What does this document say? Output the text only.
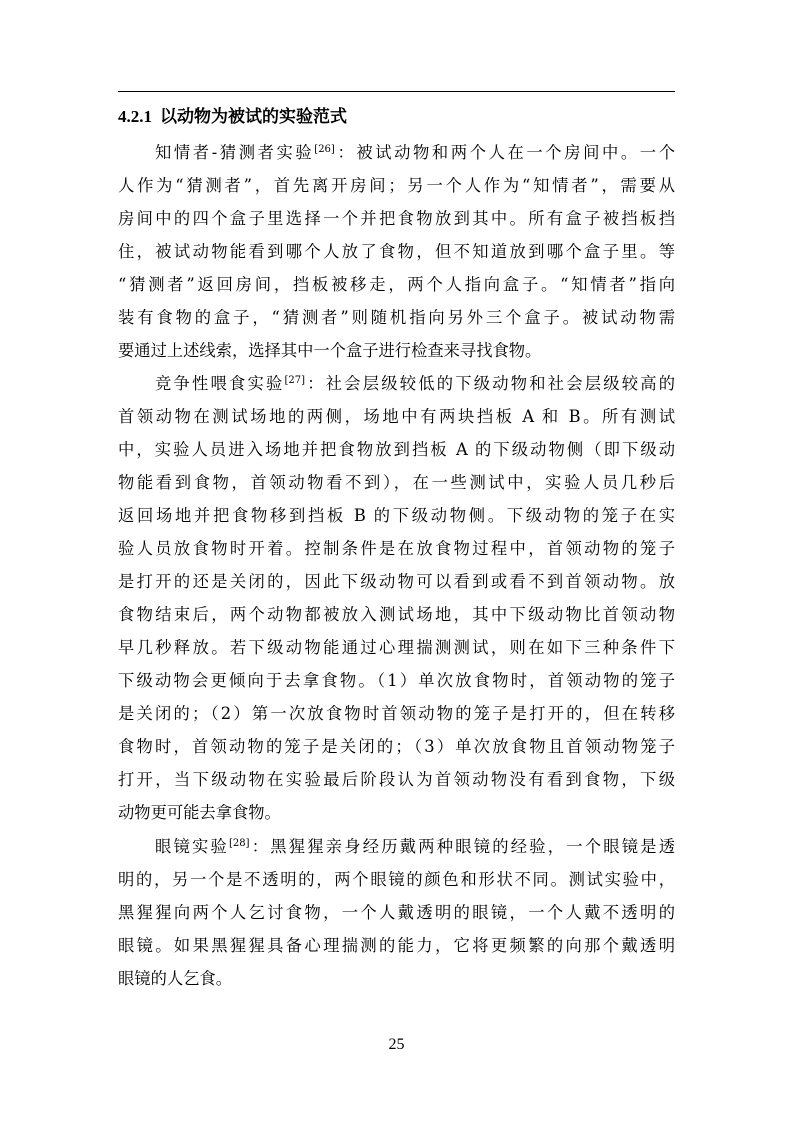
4.2.1 以动物为被试的实验范式
知情者-猜测者实验[26]：被试动物和两个人在一个房间中。一个
人作为“猜测者”，首先离开房间；另一个人作为“知情者”，需要从
房间中的四个盒子里选择一个并把食物放到其中。所有盒子被挡板挡
住，被试动物能看到哪个人放了食物，但不知道放到哪个盒子里。等
“猜测者”返回房间，挡板被移走，两个人指向盒子。“知情者”指向
装有食物的盒子，“猜测者”则随机指向另外三个盒子。被试动物需
要通过上述线索，选择其中一个盒子进行检查来寻找食物。
竞争性喂食实验[27]：社会层级较低的下级动物和社会层级较高的
首领动物在测试场地的两侧，场地中有两块挡板 A 和 B。所有测试
中，实验人员进入场地并把食物放到挡板 A 的下级动物侧（即下级动
物能看到食物，首领动物看不到），在一些测试中，实验人员几秒后
返回场地并把食物移到挡板 B 的下级动物侧。下级动物的笼子在实
验人员放食物时开着。控制条件是在放食物过程中，首领动物的笼子
是打开的还是关闭的，因此下级动物可以看到或看不到首领动物。放
食物结束后，两个动物都被放入测试场地，其中下级动物比首领动物
早几秒释放。若下级动物能通过心理揣测测试，则在如下三种条件下
下级动物会更倾向于去拿食物。（1）单次放食物时，首领动物的笼子
是关闭的；（2）第一次放食物时首领动物的笼子是打开的，但在转移
食物时，首领动物的笼子是关闭的；（3）单次放食物且首领动物笼子
打开，当下级动物在实验最后阶段认为首领动物没有看到食物，下级
动物更可能去拿食物。
眼镜实验[28]：黑猩猩亲身经历戴两种眼镜的经验，一个眼镜是透
明的，另一个是不透明的，两个眼镜的颜色和形状不同。测试实验中，
黑猩猩向两个人乞讨食物，一个人戴透明的眼镜，一个人戴不透明的
眼镜。如果黑猩猩具备心理揣测的能力，它将更频繁的向那个戴透明
眼镜的人乞食。
25
